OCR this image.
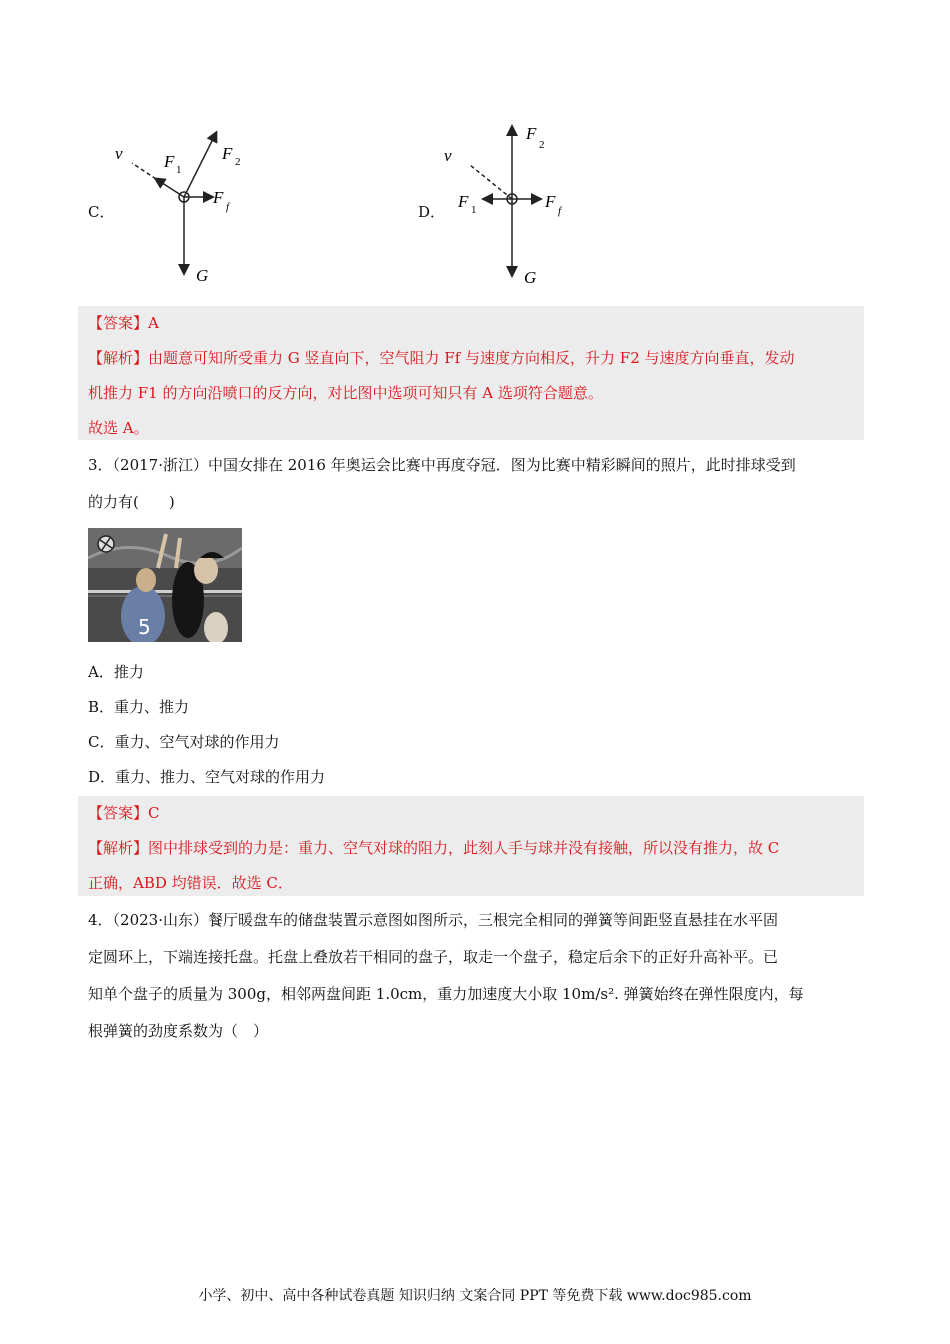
C．
v F 1
F 2
F f
G
D．
v
F 1
F
2
F f
G
【答案】A
【解析】由题意可知所受重力 G 竖直向下，空气阻力 Ff 与速度方向相反，升力 F2 与速度方向垂直，发动
机推力 F1 的方向沿喷口的反方向，对比图中选项可知只有 A 选项符合题意。
故选 A。
3．（2017·浙江）中国女排在 2016 年奥运会比赛中再度夺冠．图为比赛中精彩瞬间的照片，此时排球受到
的力有(　　)
5
A．推力
B．重力、推力
C．重力、空气对球的作用力
D．重力、推力、空气对球的作用力
【答案】C
【解析】图中排球受到的力是：重力、空气对球的阻力，此刻人手与球并没有接触，所以没有推力，故 C
正确，ABD 均错误．故选 C．
4．（2023·山东）餐厅暖盘车的储盘装置示意图如图所示，三根完全相同的弹簧等间距竖直悬挂在水平固
定圆环上，下端连接托盘。托盘上叠放若干相同的盘子，取走一个盘子，稳定后余下的正好升高补平。已
知单个盘子的质量为 300g，相邻两盘间距 1.0cm，重力加速度大小取 10m/s². 弹簧始终在弹性限度内，每
根弹簧的劲度系数为（　）
小学、初中、高中各种试卷真题 知识归纳 文案合同 PPT 等免费下载 www.doc985.com
